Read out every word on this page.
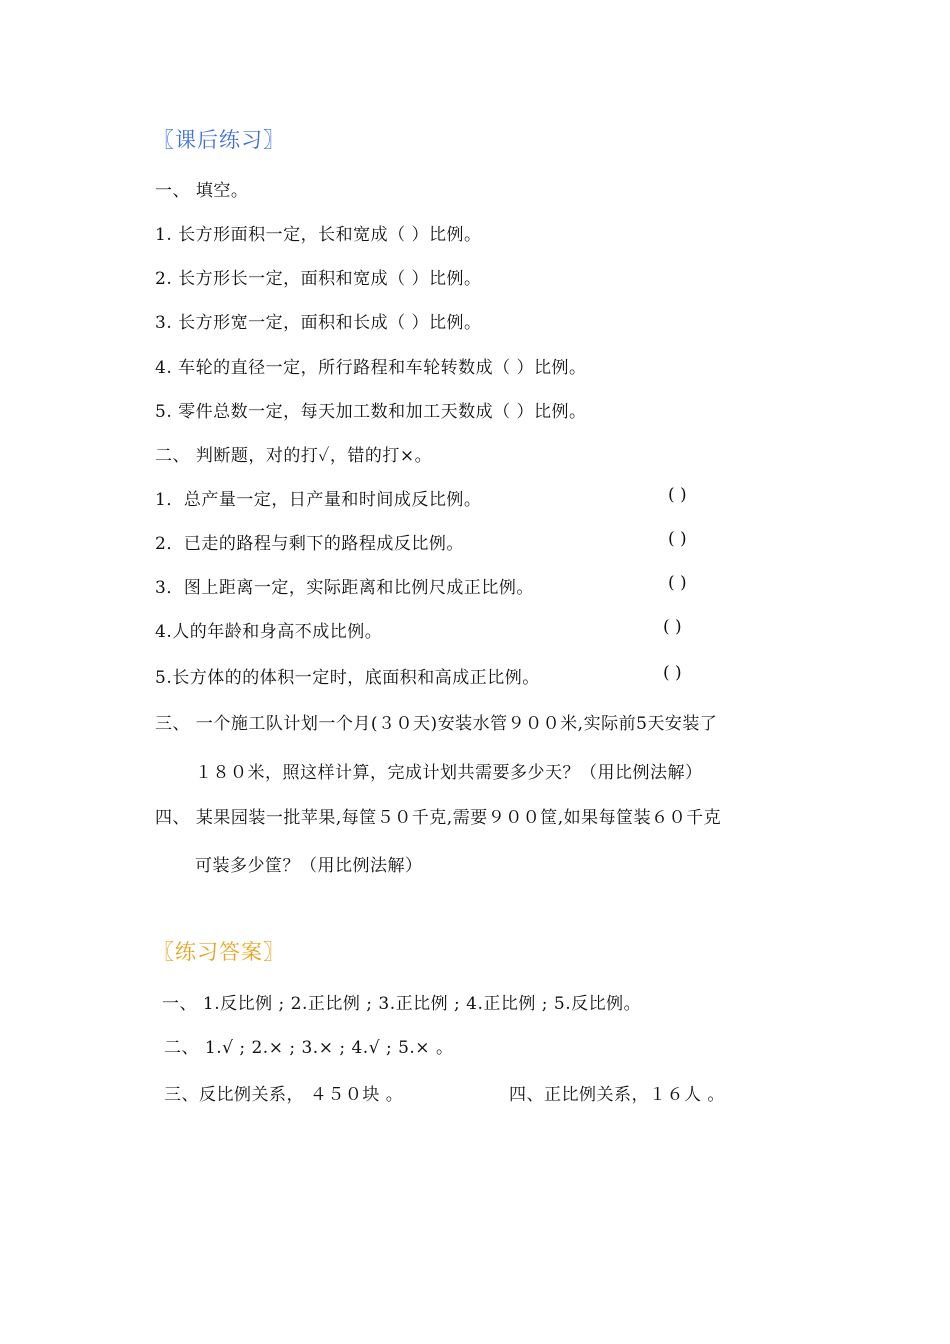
〖课后练习〗
一、 填空。
1. 长方形面积一定，长和宽成（ ）比例。
2. 长方形长一定，面积和宽成（ ）比例。
3. 长方形宽一定，面积和长成（ ）比例。
4. 车轮的直径一定，所行路程和车轮转数成（ ）比例。
5. 零件总数一定，每天加工数和加工天数成（ ）比例。
二、 判断题，对的打✓，错的打×。
1．总产量一定，日产量和时间成反比例。	( )
2．已走的路程与剩下的路程成反比例。	( )
3．图上距离一定，实际距离和比例尺成正比例。	( )
4.人的年龄和身高不成比例。	( )
5.长方体的的体积一定时，底面积和高成正比例。	( )
三、 一个施工队计划一个月(３０天)安装水管９００米,实际前5天安装了
１８０米，照这样计算，完成计划共需要多少天？（用比例法解）
四、 某果园装一批苹果,每筐５０千克,需要９００筐,如果每筐装６０千克
可装多少筐？（用比例法解）
〖练习答案〗
一、 1.反比例 ; 2.正比例 ; 3.正比例 ; 4.正比例 ; 5.反比例。
二、 1.√ ; 2.× ; 3.× ; 4.√ ; 5.× 。
三、反比例关系， ４５０块 。	四、正比例关系，１６人 。
